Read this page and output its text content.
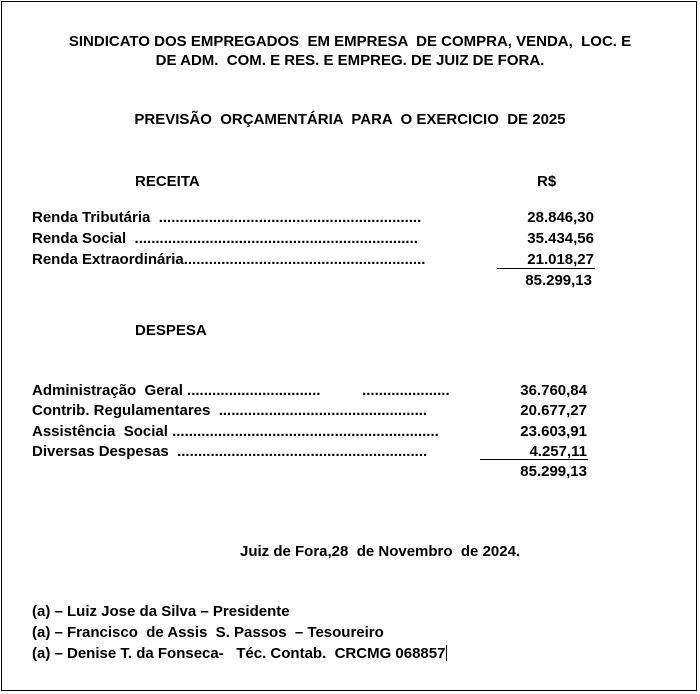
SINDICATO DOS EMPREGADOS  EM EMPRESA  DE COMPRA, VENDA,  LOC. E
DE ADM.  COM. E RES. E EMPREG. DE JUIZ DE FORA.
PREVISÃO  ORÇAMENTÁRIA  PARA  O EXERCICIO  DE 2025
RECEITA	R$
Renda Tributária  ...............................................................	28.846,30
Renda Social  ....................................................................	35.434,56
Renda Extraordinária..........................................................	21.018,27
85.299,13
DESPESA
Administração  Geral ................................          .....................	36.760,84
Contrib. Regulamentares  ..................................................	20.677,27
Assistência  Social ................................................................	23.603,91
Diversas Despesas  ............................................................	4.257,11
85.299,13
Juiz de Fora,28  de Novembro  de 2024.
(a) – Luiz Jose da Silva – Presidente
(a) – Francisco  de Assis  S. Passos  – Tesoureiro
(a) – Denise T. da Fonseca-   Téc. Contab.  CRCMG 068857
